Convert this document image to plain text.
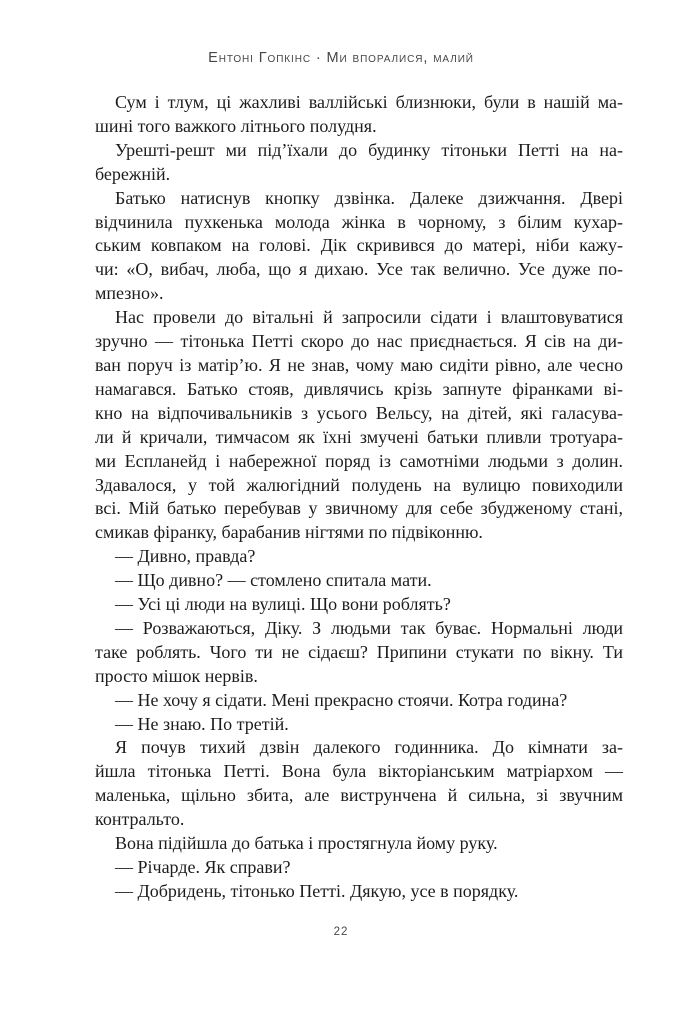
Ентоні Гопкінс · Ми впоралися, малий
Сум і тлум, ці жахливі валлійські близнюки, були в нашій ма-
шині того важкого літнього полудня.
Урешті-решт ми під’їхали до будинку тітоньки Петті на на-
бережній.
Батько натиснув кнопку дзвінка. Далеке дзижчання. Двері
відчинила пухкенька молода жінка в чорному, з білим кухар-
ським ковпаком на голові. Дік скривився до матері, ніби кажу-
чи: «О, вибач, люба, що я дихаю. Усе так велично. Усе дуже по-
мпезно».
Нас провели до вітальні й запросили сідати і влаштовуватися
зручно — тітонька Петті скоро до нас приєднається. Я сів на ди-
ван поруч із матір’ю. Я не знав, чому маю сидіти рівно, але чесно
намагався. Батько стояв, дивлячись крізь запнуте фіранками ві-
кно на відпочивальників з усього Вельсу, на дітей, які галасува-
ли й кричали, тимчасом як їхні змучені батьки пливли тротуара-
ми Еспланейд і набережної поряд із самотніми людьми з долин.
Здавалося, у той жалюгідний полудень на вулицю повиходили
всі. Мій батько перебував у звичному для себе збудженому стані,
смикав фіранку, барабанив нігтями по підвіконню.
— Дивно, правда?
— Що дивно? — стомлено спитала мати.
— Усі ці люди на вулиці. Що вони роблять?
— Розважаються, Діку. З людьми так буває. Нормальні люди
таке роблять. Чого ти не сідаєш? Припини стукати по вікну. Ти
просто мішок нервів.
— Не хочу я сідати. Мені прекрасно стоячи. Котра година?
— Не знаю. По третій.
Я почув тихий дзвін далекого годинника. До кімнати за-
йшла тітонька Петті. Вона була вікторіанським матріархом —
маленька, щільно збита, але виструнчена й сильна, зі звучним
контральто.
Вона підійшла до батька і простягнула йому руку.
— Річарде. Як справи?
— Добридень, тітонько Петті. Дякую, усе в порядку.
22
